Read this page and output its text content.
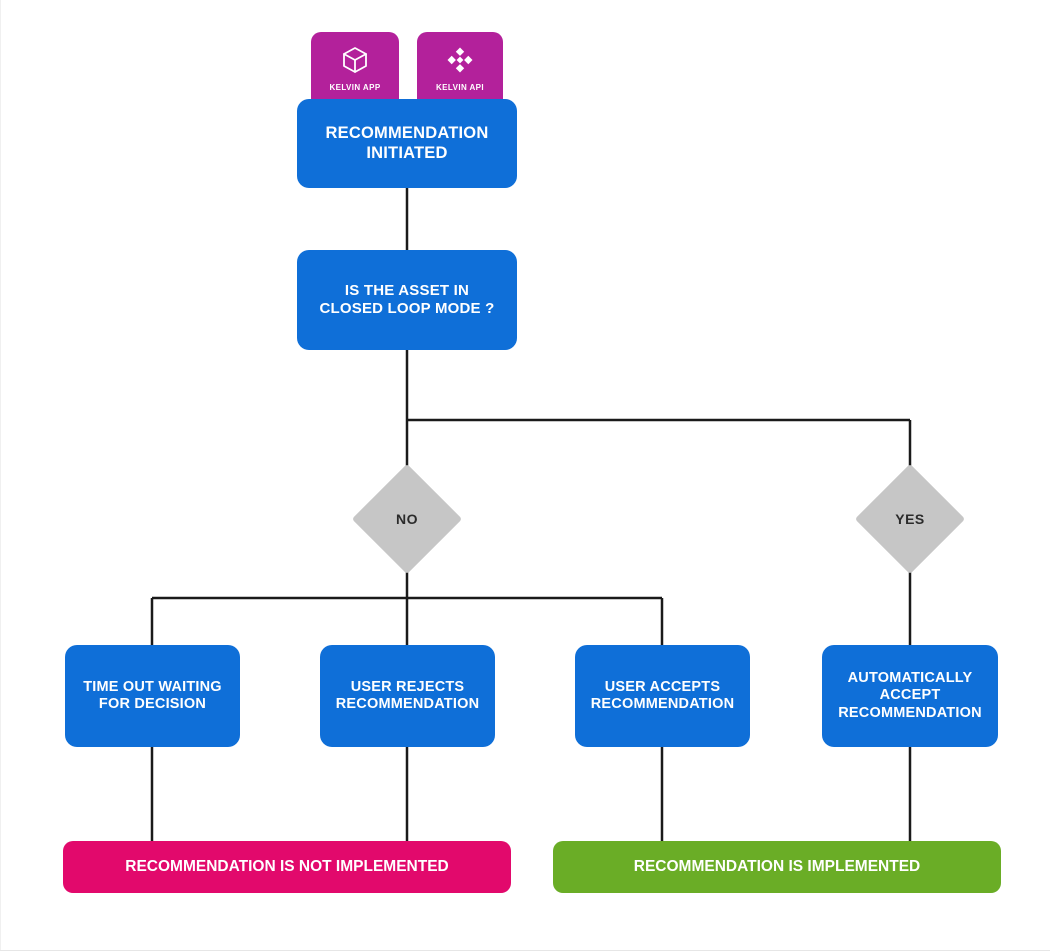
KELVIN APP	KELVIN API
RECOMMENDATION INITIATED
IS THE ASSET IN CLOSED LOOP MODE ?
NO	YES
TIME OUT WAITING FOR DECISION
USER REJECTS RECOMMENDATION
USER ACCEPTS RECOMMENDATION
AUTOMATICALLY ACCEPT RECOMMENDATION
RECOMMENDATION IS NOT IMPLEMENTED	RECOMMENDATION IS IMPLEMENTED
